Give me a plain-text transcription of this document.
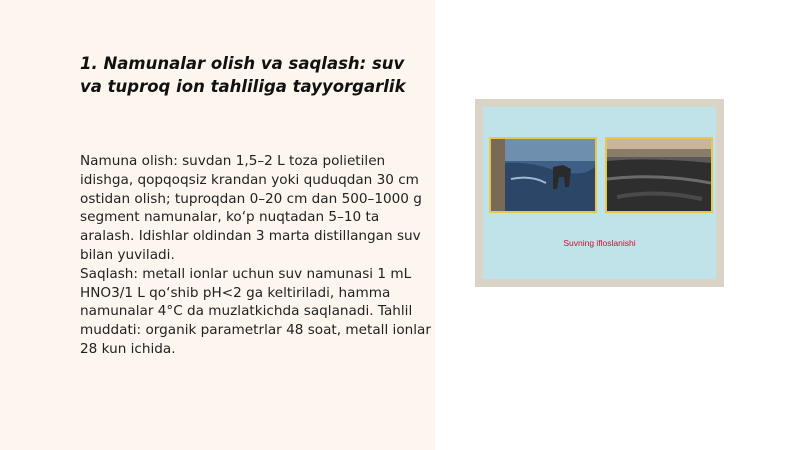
1. Namunalar olish va saqlash: suv va tuproq ion tahliliga tayyorgarlik

Namuna olish: suvdan 1,5–2 L toza polietilen idishga, qopqoqsiz krandan yoki quduqdan 30 cm ostidan olish; tuproqdan 0–20 cm dan 500–1000 g segment namunalar, ko‘p nuqtadan 5–10 ta aralash. Idishlar oldindan 3 marta distillangan suv bilan yuviladi.

Saqlash: metall ionlar uchun suv namunasi 1 mL HNO3/1 L qo‘shib pH<2 ga keltiriladi, hamma namunalar 4°C da muzlatkichda saqlanadi. Tahlil muddati: organik parametrlar 48 soat, metall ionlar 28 kun ichida.

Suvning ifloslanishi
